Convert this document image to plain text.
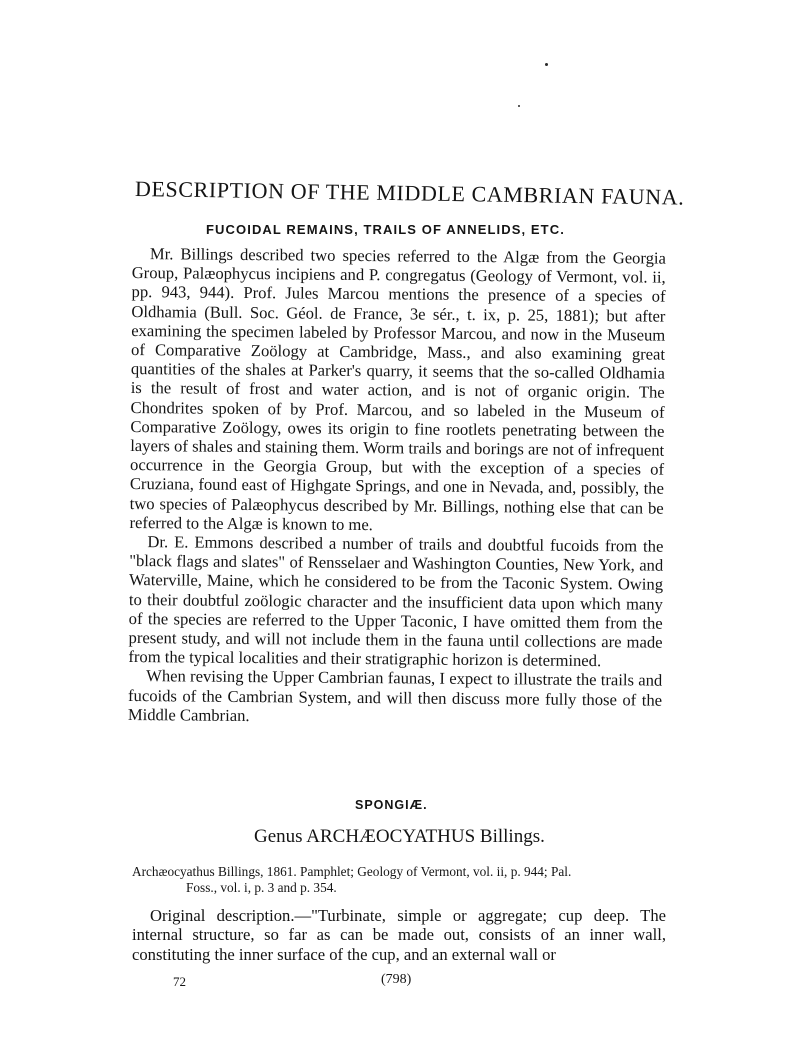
DESCRIPTION OF THE MIDDLE CAMBRIAN FAUNA.
FUCOIDAL REMAINS, TRAILS OF ANNELIDS, ETC.

Mr. Billings described two species referred to the Algæ from the Georgia Group, Palæophycus incipiens and P. congregatus (Geology of Vermont, vol. ii, pp. 943, 944). Prof. Jules Marcou mentions the presence of a species of Oldhamia (Bull. Soc. Géol. de France, 3e sér., t. ix, p. 25, 1881); but after examining the specimen labeled by Professor Marcou, and now in the Museum of Comparative Zoölogy at Cambridge, Mass., and also examining great quantities of the shales at Parker's quarry, it seems that the so-called Oldhamia is the result of frost and water action, and is not of organic origin. The Chondrites spoken of by Prof. Marcou, and so labeled in the Museum of Comparative Zoölogy, owes its origin to fine rootlets penetrating between the layers of shales and staining them. Worm trails and borings are not of infrequent occurrence in the Georgia Group, but with the exception of a species of Cruziana, found east of Highgate Springs, and one in Nevada, and, possibly, the two species of Palæophycus described by Mr. Billings, nothing else that can be referred to the Algæ is known to me.

Dr. E. Emmons described a number of trails and doubtful fucoids from the "black flags and slates" of Rensselaer and Washington Counties, New York, and Waterville, Maine, which he considered to be from the Taconic System. Owing to their doubtful zoölogic character and the insufficient data upon which many of the species are referred to the Upper Taconic, I have omitted them from the present study, and will not include them in the fauna until collections are made from the typical localities and their stratigraphic horizon is determined.

When revising the Upper Cambrian faunas, I expect to illustrate the trails and fucoids of the Cambrian System, and will then discuss more fully those of the Middle Cambrian.

SPONGIÆ.
Genus ARCHÆOCYATHUS Billings.
Archæocyathus Billings, 1861. Pamphlet; Geology of Vermont, vol. ii, p. 944; Pal.
Foss., vol. i, p. 3 and p. 354.

Original description.—"Turbinate, simple or aggregate; cup deep. The internal structure, so far as can be made out, consists of an inner wall, constituting the inner surface of the cup, and an external wall or

72	(798)
